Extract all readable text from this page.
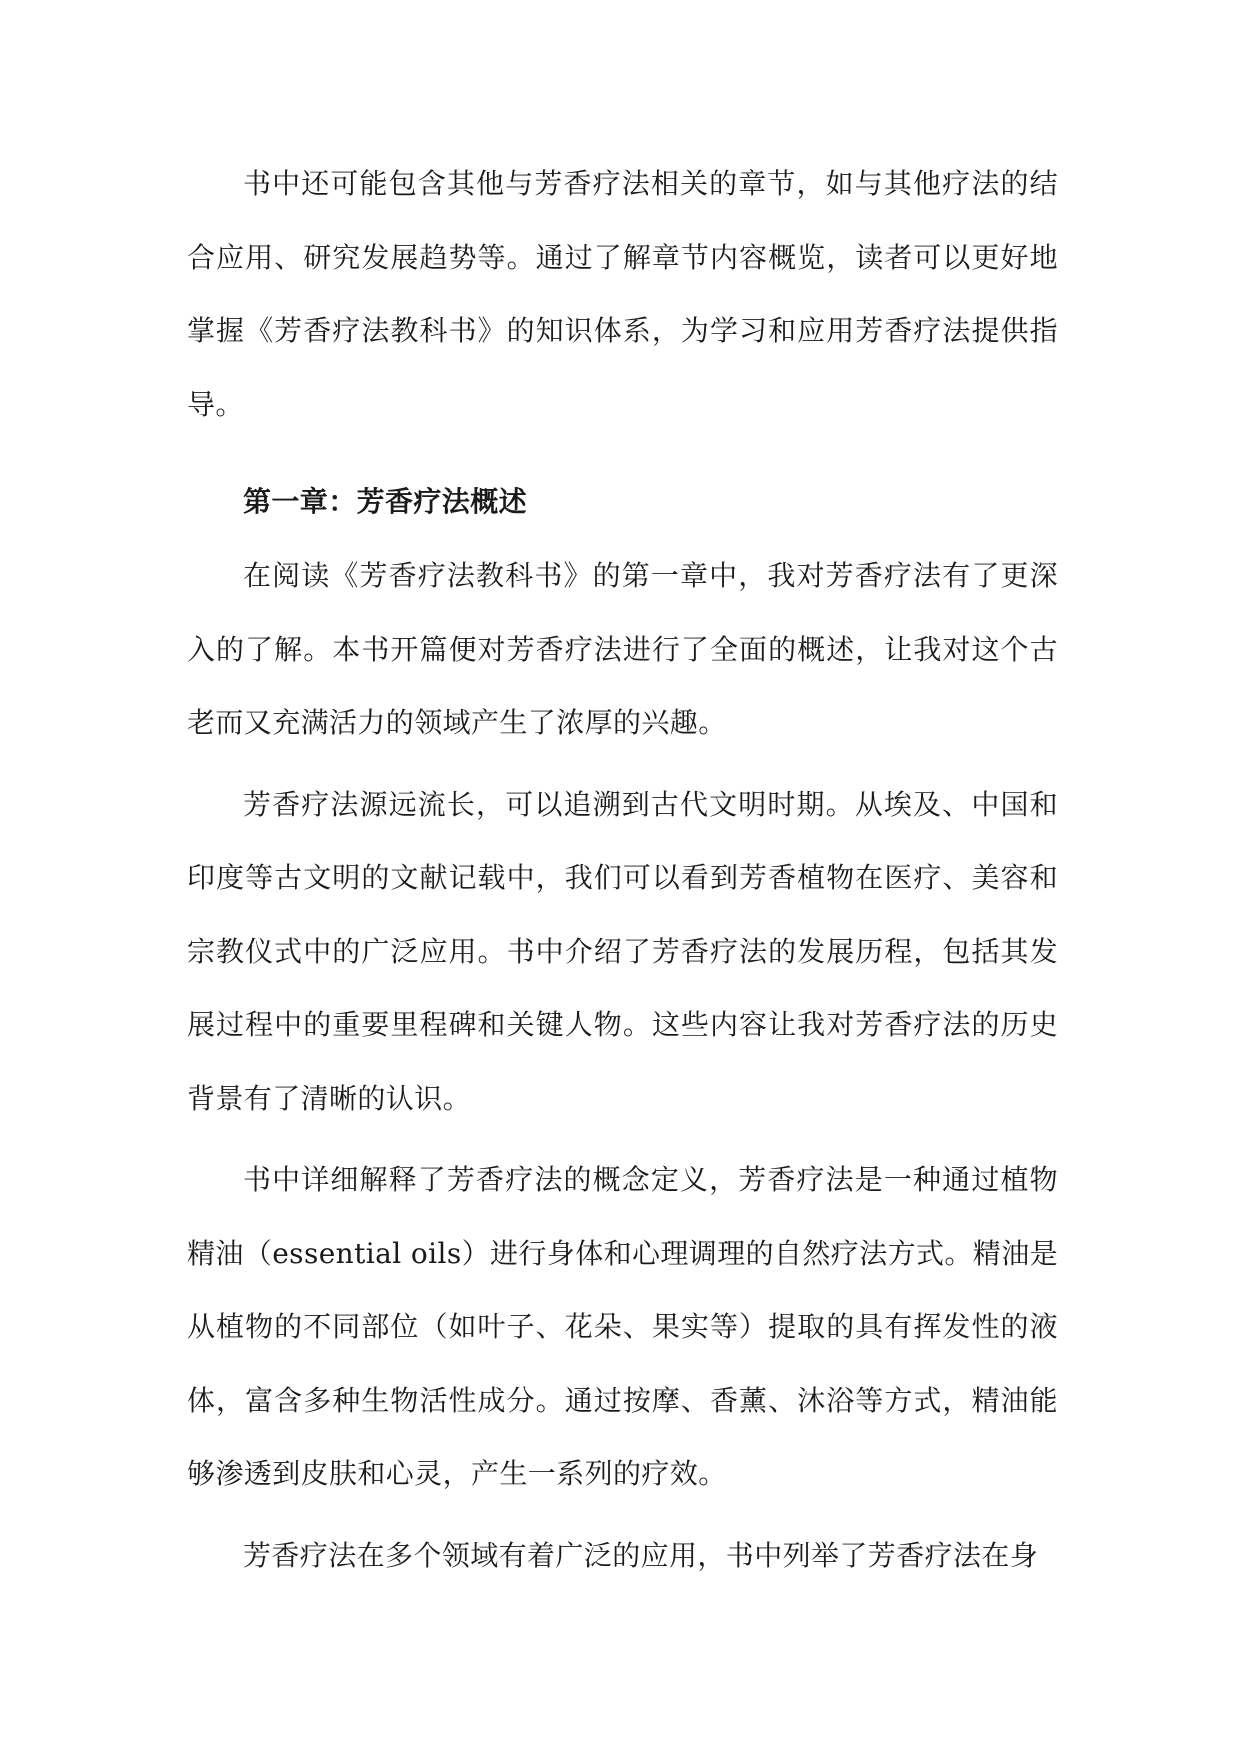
书中还可能包含其他与芳香疗法相关的章节，如与其他疗法的结合应用、研究发展趋势等。通过了解章节内容概览，读者可以更好地掌握《芳香疗法教科书》的知识体系，为学习和应用芳香疗法提供指导。

第一章：芳香疗法概述

在阅读《芳香疗法教科书》的第一章中，我对芳香疗法有了更深入的了解。本书开篇便对芳香疗法进行了全面的概述，让我对这个古老而又充满活力的领域产生了浓厚的兴趣。

芳香疗法源远流长，可以追溯到古代文明时期。从埃及、中国和印度等古文明的文献记载中，我们可以看到芳香植物在医疗、美容和宗教仪式中的广泛应用。书中介绍了芳香疗法的发展历程，包括其发展过程中的重要里程碑和关键人物。这些内容让我对芳香疗法的历史背景有了清晰的认识。

书中详细解释了芳香疗法的概念定义，芳香疗法是一种通过植物精油（essential oils）进行身体和心理调理的自然疗法方式。精油是从植物的不同部位（如叶子、花朵、果实等）提取的具有挥发性的液体，富含多种生物活性成分。通过按摩、香薰、沐浴等方式，精油能够渗透到皮肤和心灵，产生一系列的疗效。

芳香疗法在多个领域有着广泛的应用，书中列举了芳香疗法在身
